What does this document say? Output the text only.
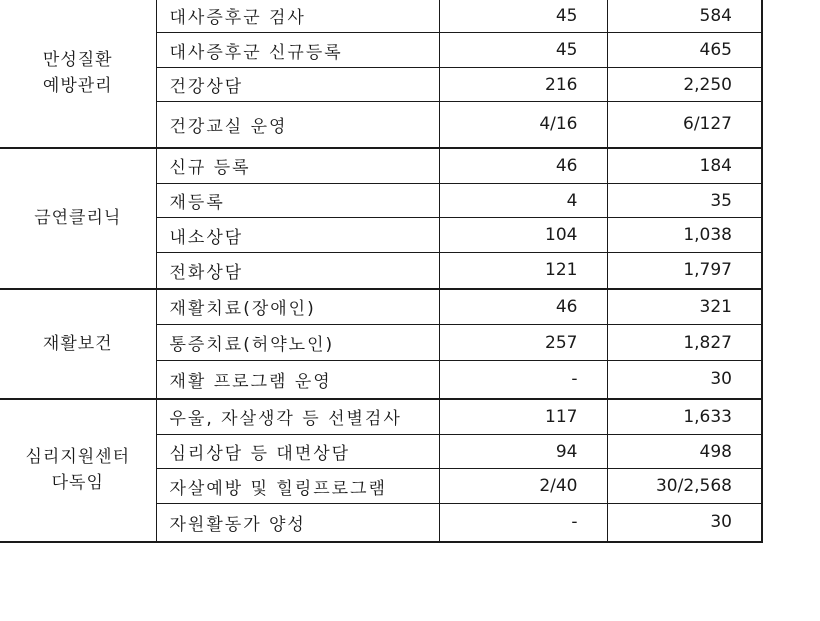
만성질환
예방관리	대사증후군 검사	45	584
	대사증후군 신규등록	45	465
	건강상담	216	2,250
	건강교실 운영	4/16	6/127

금연클리닉	신규 등록	46	184
	재등록	4	35
	내소상담	104	1,038
	전화상담	121	1,797

재활보건	재활치료(장애인)	46	321
	통증치료(허약노인)	257	1,827
	재활 프로그램 운영	-	30

심리지원센터
다독임	우울, 자살생각 등 선별검사	117	1,633
	심리상담 등 대면상담	94	498
	자살예방 및 힐링프로그램	2/40	30/2,568
	자원활동가 양성	-	30
